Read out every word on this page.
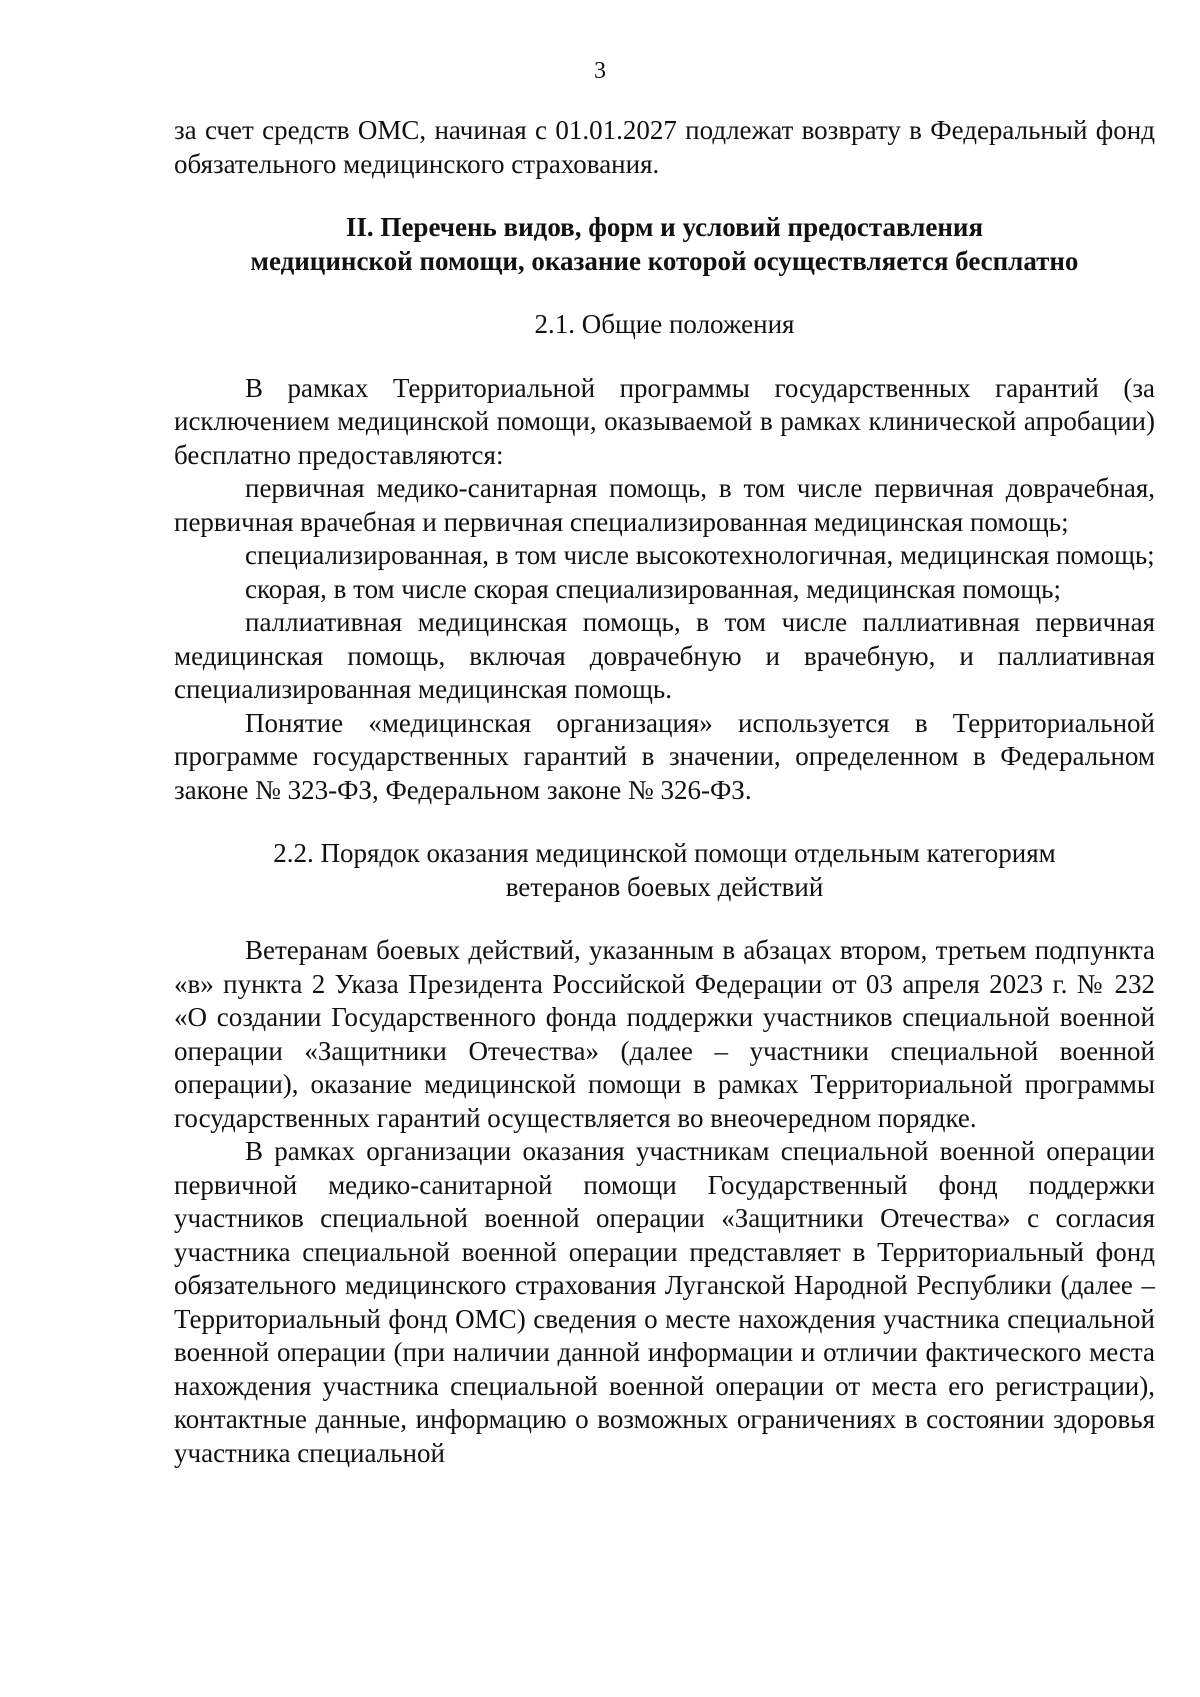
3

за счет средств ОМС, начиная с 01.01.2027 подлежат возврату в Федеральный фонд обязательного медицинского страхования.

II. Перечень видов, форм и условий предоставления
медицинской помощи, оказание которой осуществляется бесплатно
2.1. Общие положения

В рамках Территориальной программы государственных гарантий (за исключением медицинской помощи, оказываемой в рамках клинической апробации) бесплатно предоставляются:

первичная медико-санитарная помощь, в том числе первичная доврачебная, первичная врачебная и первичная специализированная медицинская помощь;

специализированная, в том числе высокотехнологичная, медицинская помощь;

скорая, в том числе скорая специализированная, медицинская помощь;

паллиативная медицинская помощь, в том числе паллиативная первичная медицинская помощь, включая доврачебную и врачебную, и паллиативная специализированная медицинская помощь.

Понятие «медицинская организация» используется в Территориальной программе государственных гарантий в значении, определенном в Федеральном законе № 323-ФЗ, Федеральном законе № 326-ФЗ.

2.2. Порядок оказания медицинской помощи отдельным категориям
ветеранов боевых действий

Ветеранам боевых действий, указанным в абзацах втором, третьем подпункта «в» пункта 2 Указа Президента Российской Федерации от 03 апреля 2023 г. № 232 «О создании Государственного фонда поддержки участников специальной военной операции «Защитники Отечества» (далее – участники специальной военной операции), оказание медицинской помощи в рамках Территориальной программы государственных гарантий осуществляется во внеочередном порядке.

В рамках организации оказания участникам специальной военной операции первичной медико-санитарной помощи Государственный фонд поддержки участников специальной военной операции «Защитники Отечества» с согласия участника специальной военной операции представляет в Территориальный фонд обязательного медицинского страхования Луганской Народной Республики (далее – Территориальный фонд ОМС) сведения о месте нахождения участника специальной военной операции (при наличии данной информации и отличии фактического места нахождения участника специальной военной операции от места его регистрации), контактные данные, информацию о возможных ограничениях в состоянии здоровья участника специальной
